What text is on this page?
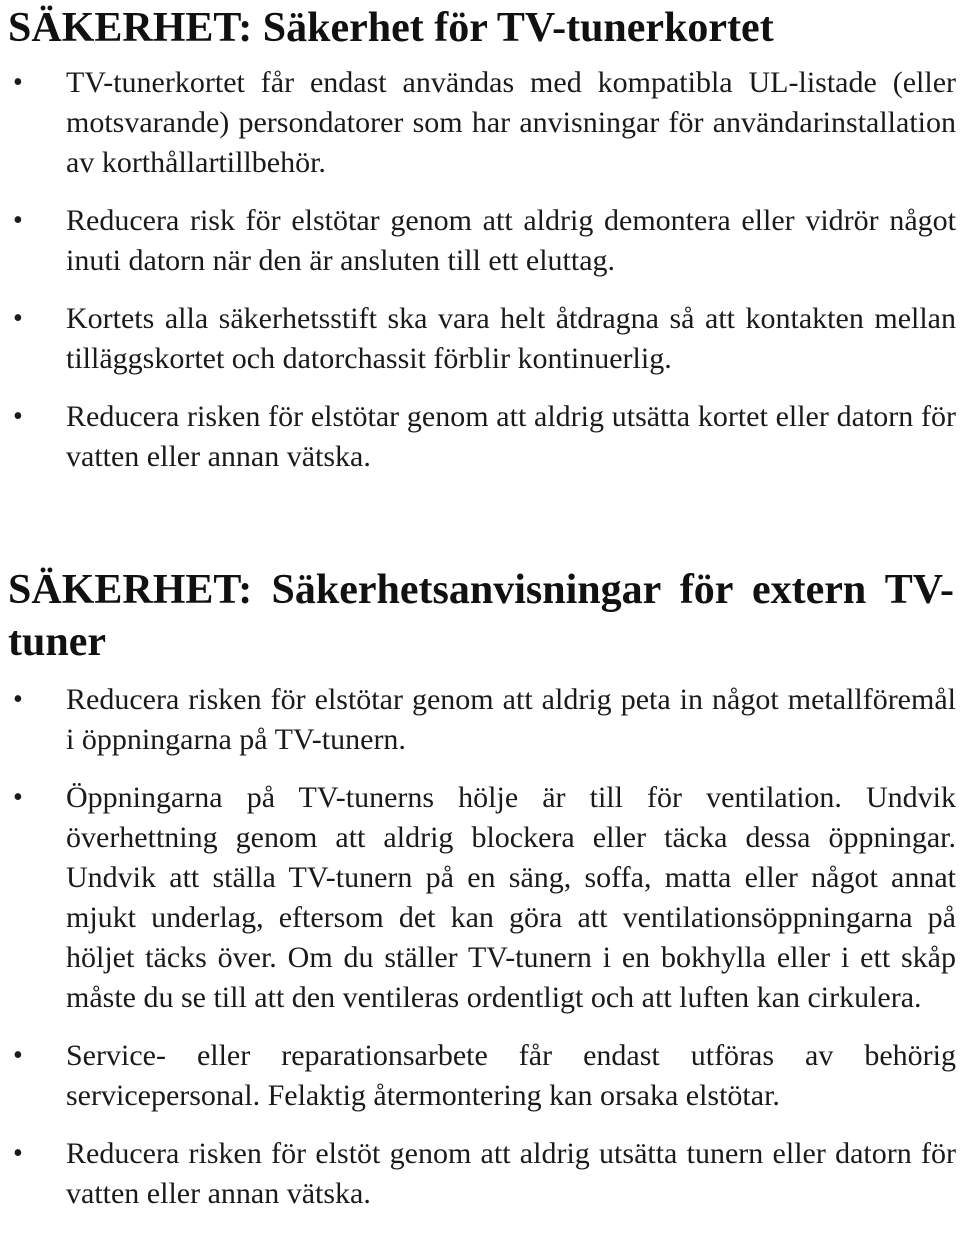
SÄKERHET: Säkerhet för TV-tunerkortet
• TV-tunerkortet får endast användas med kompatibla UL-listade (eller motsvarande) persondatorer som har anvisningar för användarinstallation av korthållartillbehör.
• Reducera risk för elstötar genom att aldrig demontera eller vidrör något inuti datorn när den är ansluten till ett eluttag.
• Kortets alla säkerhetsstift ska vara helt åtdragna så att kontakten mellan tilläggskortet och datorchassit förblir kontinuerlig.
• Reducera risken för elstötar genom att aldrig utsätta kortet eller datorn för vatten eller annan vätska.
SÄKERHET: Säkerhetsanvisningar för extern TV-tuner
• Reducera risken för elstötar genom att aldrig peta in något metallföremål i öppningarna på TV-tunern.
• Öppningarna på TV-tunerns hölje är till för ventilation. Undvik överhettning genom att aldrig blockera eller täcka dessa öppningar. Undvik att ställa TV-tunern på en säng, soffa, matta eller något annat mjukt underlag, eftersom det kan göra att ventilationsöppningarna på höljet täcks över. Om du ställer TV-tunern i en bokhylla eller i ett skåp måste du se till att den ventileras ordentligt och att luften kan cirkulera.
• Service- eller reparationsarbete får endast utföras av behörig servicepersonal. Felaktig återmontering kan orsaka elstötar.
• Reducera risken för elstöt genom att aldrig utsätta tunern eller datorn för vatten eller annan vätska.
